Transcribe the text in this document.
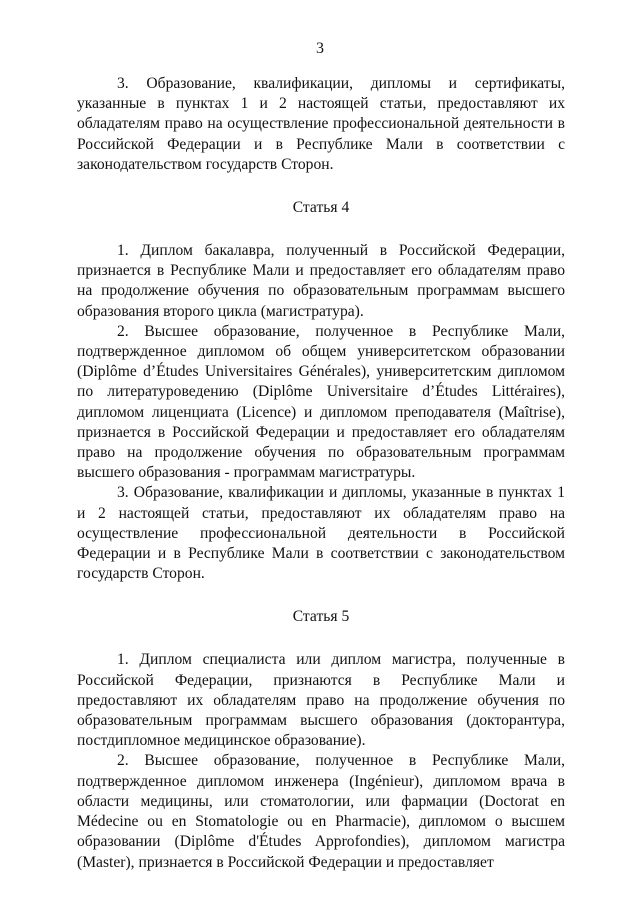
3

3. Образование, квалификации, дипломы и сертификаты, указанные в пунктах 1 и 2 настоящей статьи, предоставляют их обладателям право на осуществление профессиональной деятельности в Российской Федерации и в Республике Мали в соответствии с законодательством государств Сторон.

Статья 4

1. Диплом бакалавра, полученный в Российской Федерации, признается в Республике Мали и предоставляет его обладателям право на продолжение обучения по образовательным программам высшего образования второго цикла (магистратура).

2. Высшее образование, полученное в Республике Мали, подтвержденное дипломом об общем университетском образовании (Diplôme d’Études Universitaires Générales), университетским дипломом по литературоведению (Diplôme Universitaire d’Études Littéraires), дипломом лиценциата (Licence) и дипломом преподавателя (Maîtrise), признается в Российской Федерации и предоставляет его обладателям право на продолжение обучения по образовательным программам высшего образования - программам магистратуры.

3. Образование, квалификации и дипломы, указанные в пунктах 1 и 2 настоящей статьи, предоставляют их обладателям право на осуществление профессиональной деятельности в Российской Федерации и в Республике Мали в соответствии с законодательством государств Сторон.

Статья 5

1. Диплом специалиста или диплом магистра, полученные в Российской Федерации, признаются в Республике Мали и предоставляют их обладателям право на продолжение обучения по образовательным программам высшего образования (докторантура, постдипломное медицинское образование).

2. Высшее образование, полученное в Республике Мали, подтвержденное дипломом инженера (Ingénieur), дипломом врача в области медицины, или стоматологии, или фармации (Doctorat en Médecine ou en Stomatologie ou en Pharmacie), дипломом о высшем образовании (Diplôme d'Études Approfondies), дипломом магистра (Master), признается в Российской Федерации и предоставляет
